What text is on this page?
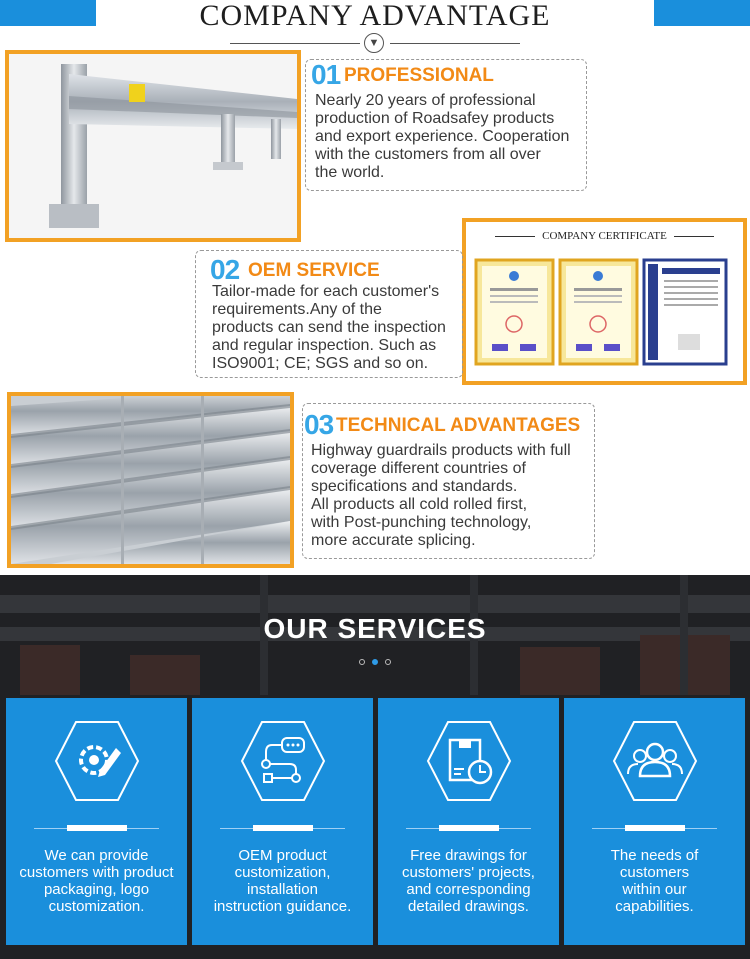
COMPANY ADVANTAGE
▼
01 PROFESSIONAL
Nearly 20 years of professional
production of Roadsafey products
and export experience. Cooperation
with the customers from all over
the world.
COMPANY CERTIFICATE
02 OEM SERVICE
Tailor-made for each customer's
requirements.Any of the
products can send the inspection
and regular inspection. Such as
ISO9001; CE; SGS and so on.
03 TECHNICAL ADVANTAGES
Highway guardrails products with full
coverage different countries of
specifications and standards.
All products all cold rolled first,
with Post-punching technology,
more accurate splicing.
OUR SERVICES
We can provide
customers with product
packaging, logo
customization.
OEM product
customization,
installation
instruction guidance.
Free drawings for
customers' projects,
and corresponding
detailed drawings.
The needs of
customers
within our
capabilities.
